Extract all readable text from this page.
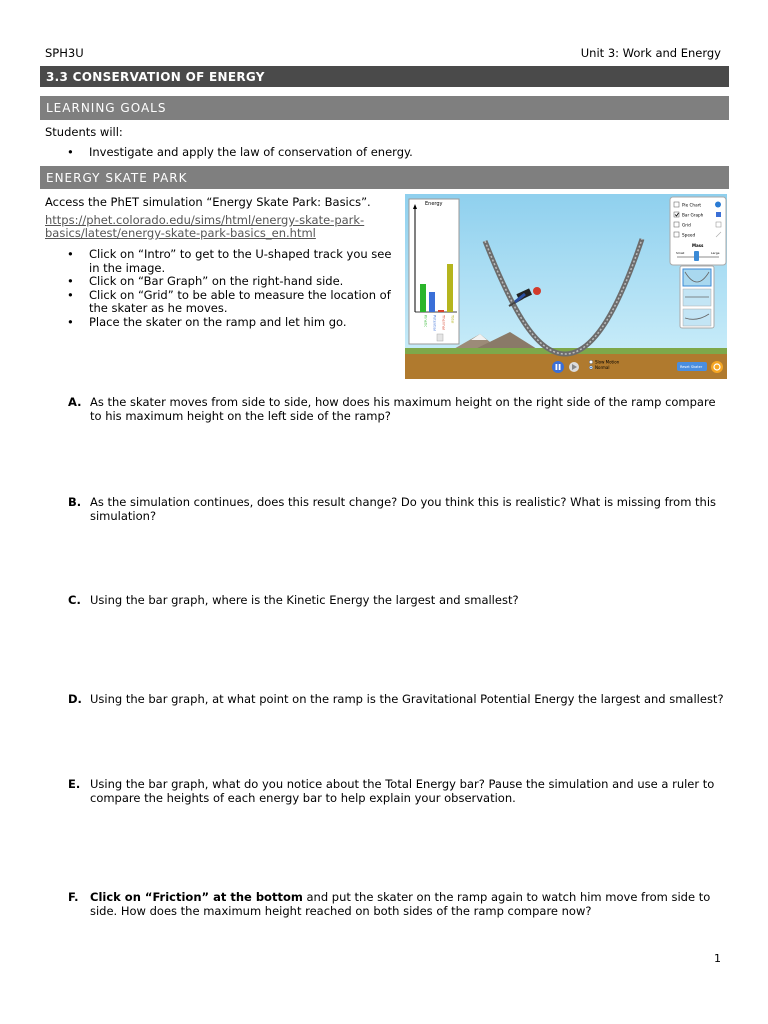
SPH3U	Unit 3: Work and Energy
3.3 CONSERVATION OF ENERGY
LEARNING GOALS
Students will:
• Investigate and apply the law of conservation of energy.
ENERGY SKATE PARK
Access the PhET simulation “Energy Skate Park: Basics”.
https://phet.colorado.edu/sims/html/energy-skate-park-
basics/latest/energy-skate-park-basics_en.html
• Click on “Intro” to get to the U-shaped track you see in the image.
• Click on “Bar Graph” on the right-hand side.
• Click on “Grid” to be able to measure the location of the skater as he moves.
• Place the skater on the ramp and let him go.
Energy
Kinetic Potential Thermal Total
Pie Chart
Bar Graph
Grid
Speed
Mass
Small	Large
Slow Motion
Normal	Reset Skater
A. As the skater moves from side to side, how does his maximum height on the right side of the ramp compare to his maximum height on the left side of the ramp?
B. As the simulation continues, does this result change? Do you think this is realistic? What is missing from this simulation?
C. Using the bar graph, where is the Kinetic Energy the largest and smallest?
D. Using the bar graph, at what point on the ramp is the Gravitational Potential Energy the largest and smallest?
E. Using the bar graph, what do you notice about the Total Energy bar? Pause the simulation and use a ruler to compare the heights of each energy bar to help explain your observation.
F. Click on “Friction” at the bottom and put the skater on the ramp again to watch him move from side to side. How does the maximum height reached on both sides of the ramp compare now?
1
